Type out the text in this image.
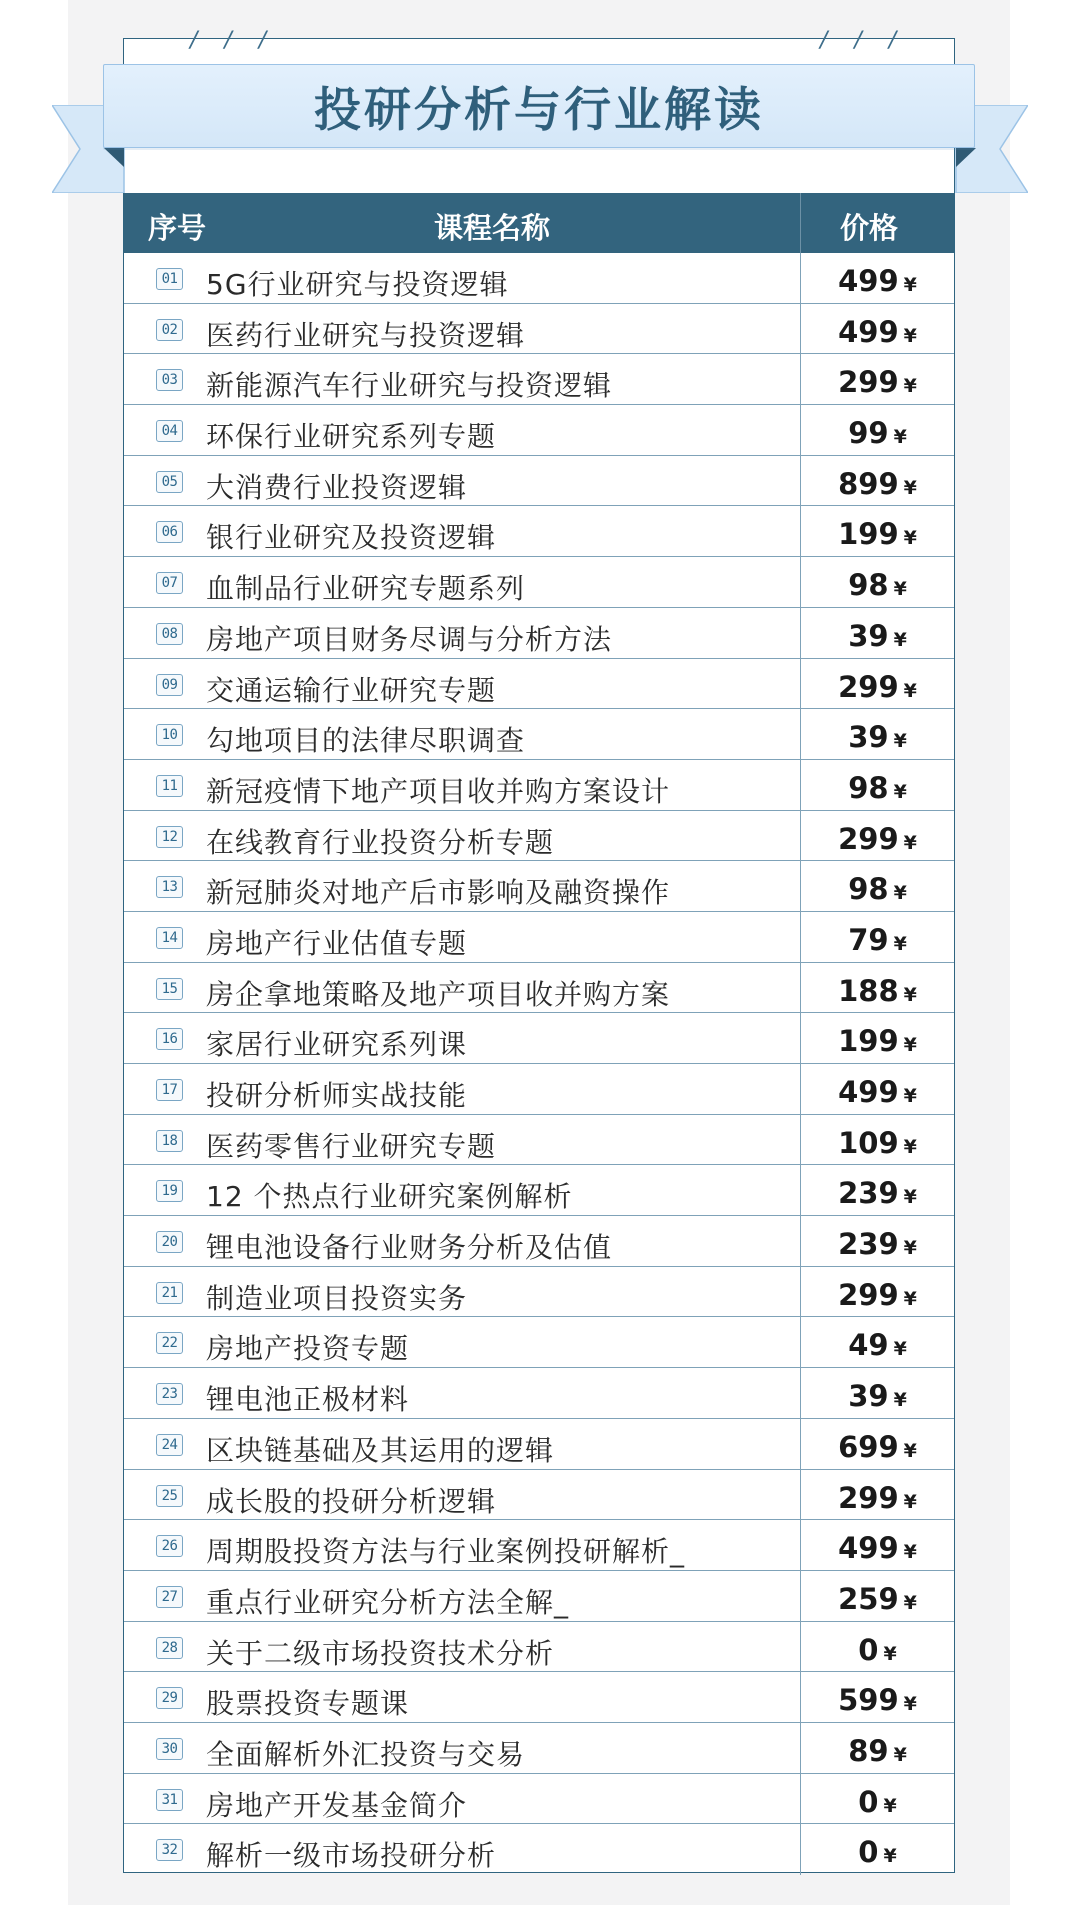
投研分析与行业解读
/ / /	/ / /
序号	课程名称	价格
01 5G行业研究与投资逻辑	499 ¥
02 医药行业研究与投资逻辑	499 ¥
03 新能源汽车行业研究与投资逻辑	299 ¥
04 环保行业研究系列专题	99 ¥
05 大消费行业投资逻辑	899 ¥
06 银行业研究及投资逻辑	199 ¥
07 血制品行业研究专题系列	98 ¥
08 房地产项目财务尽调与分析方法	39 ¥
09 交通运输行业研究专题	299 ¥
10 勾地项目的法律尽职调查	39 ¥
11 新冠疫情下地产项目收并购方案设计	98 ¥
12 在线教育行业投资分析专题	299 ¥
13 新冠肺炎对地产后市影响及融资操作	98 ¥
14 房地产行业估值专题	79 ¥
15 房企拿地策略及地产项目收并购方案	188 ¥
16 家居行业研究系列课	199 ¥
17 投研分析师实战技能	499 ¥
18 医药零售行业研究专题	109 ¥
19 12 个热点行业研究案例解析	239 ¥
20 锂电池设备行业财务分析及估值	239 ¥
21 制造业项目投资实务	299 ¥
22 房地产投资专题	49 ¥
23 锂电池正极材料	39 ¥
24 区块链基础及其运用的逻辑	699 ¥
25 成长股的投研分析逻辑	299 ¥
26 周期股投资方法与行业案例投研解析_	499 ¥
27 重点行业研究分析方法全解_	259 ¥
28 关于二级市场投资技术分析	0 ¥
29 股票投资专题课	599 ¥
30 全面解析外汇投资与交易	89 ¥
31 房地产开发基金简介	0 ¥
32 解析一级市场投研分析	0 ¥
